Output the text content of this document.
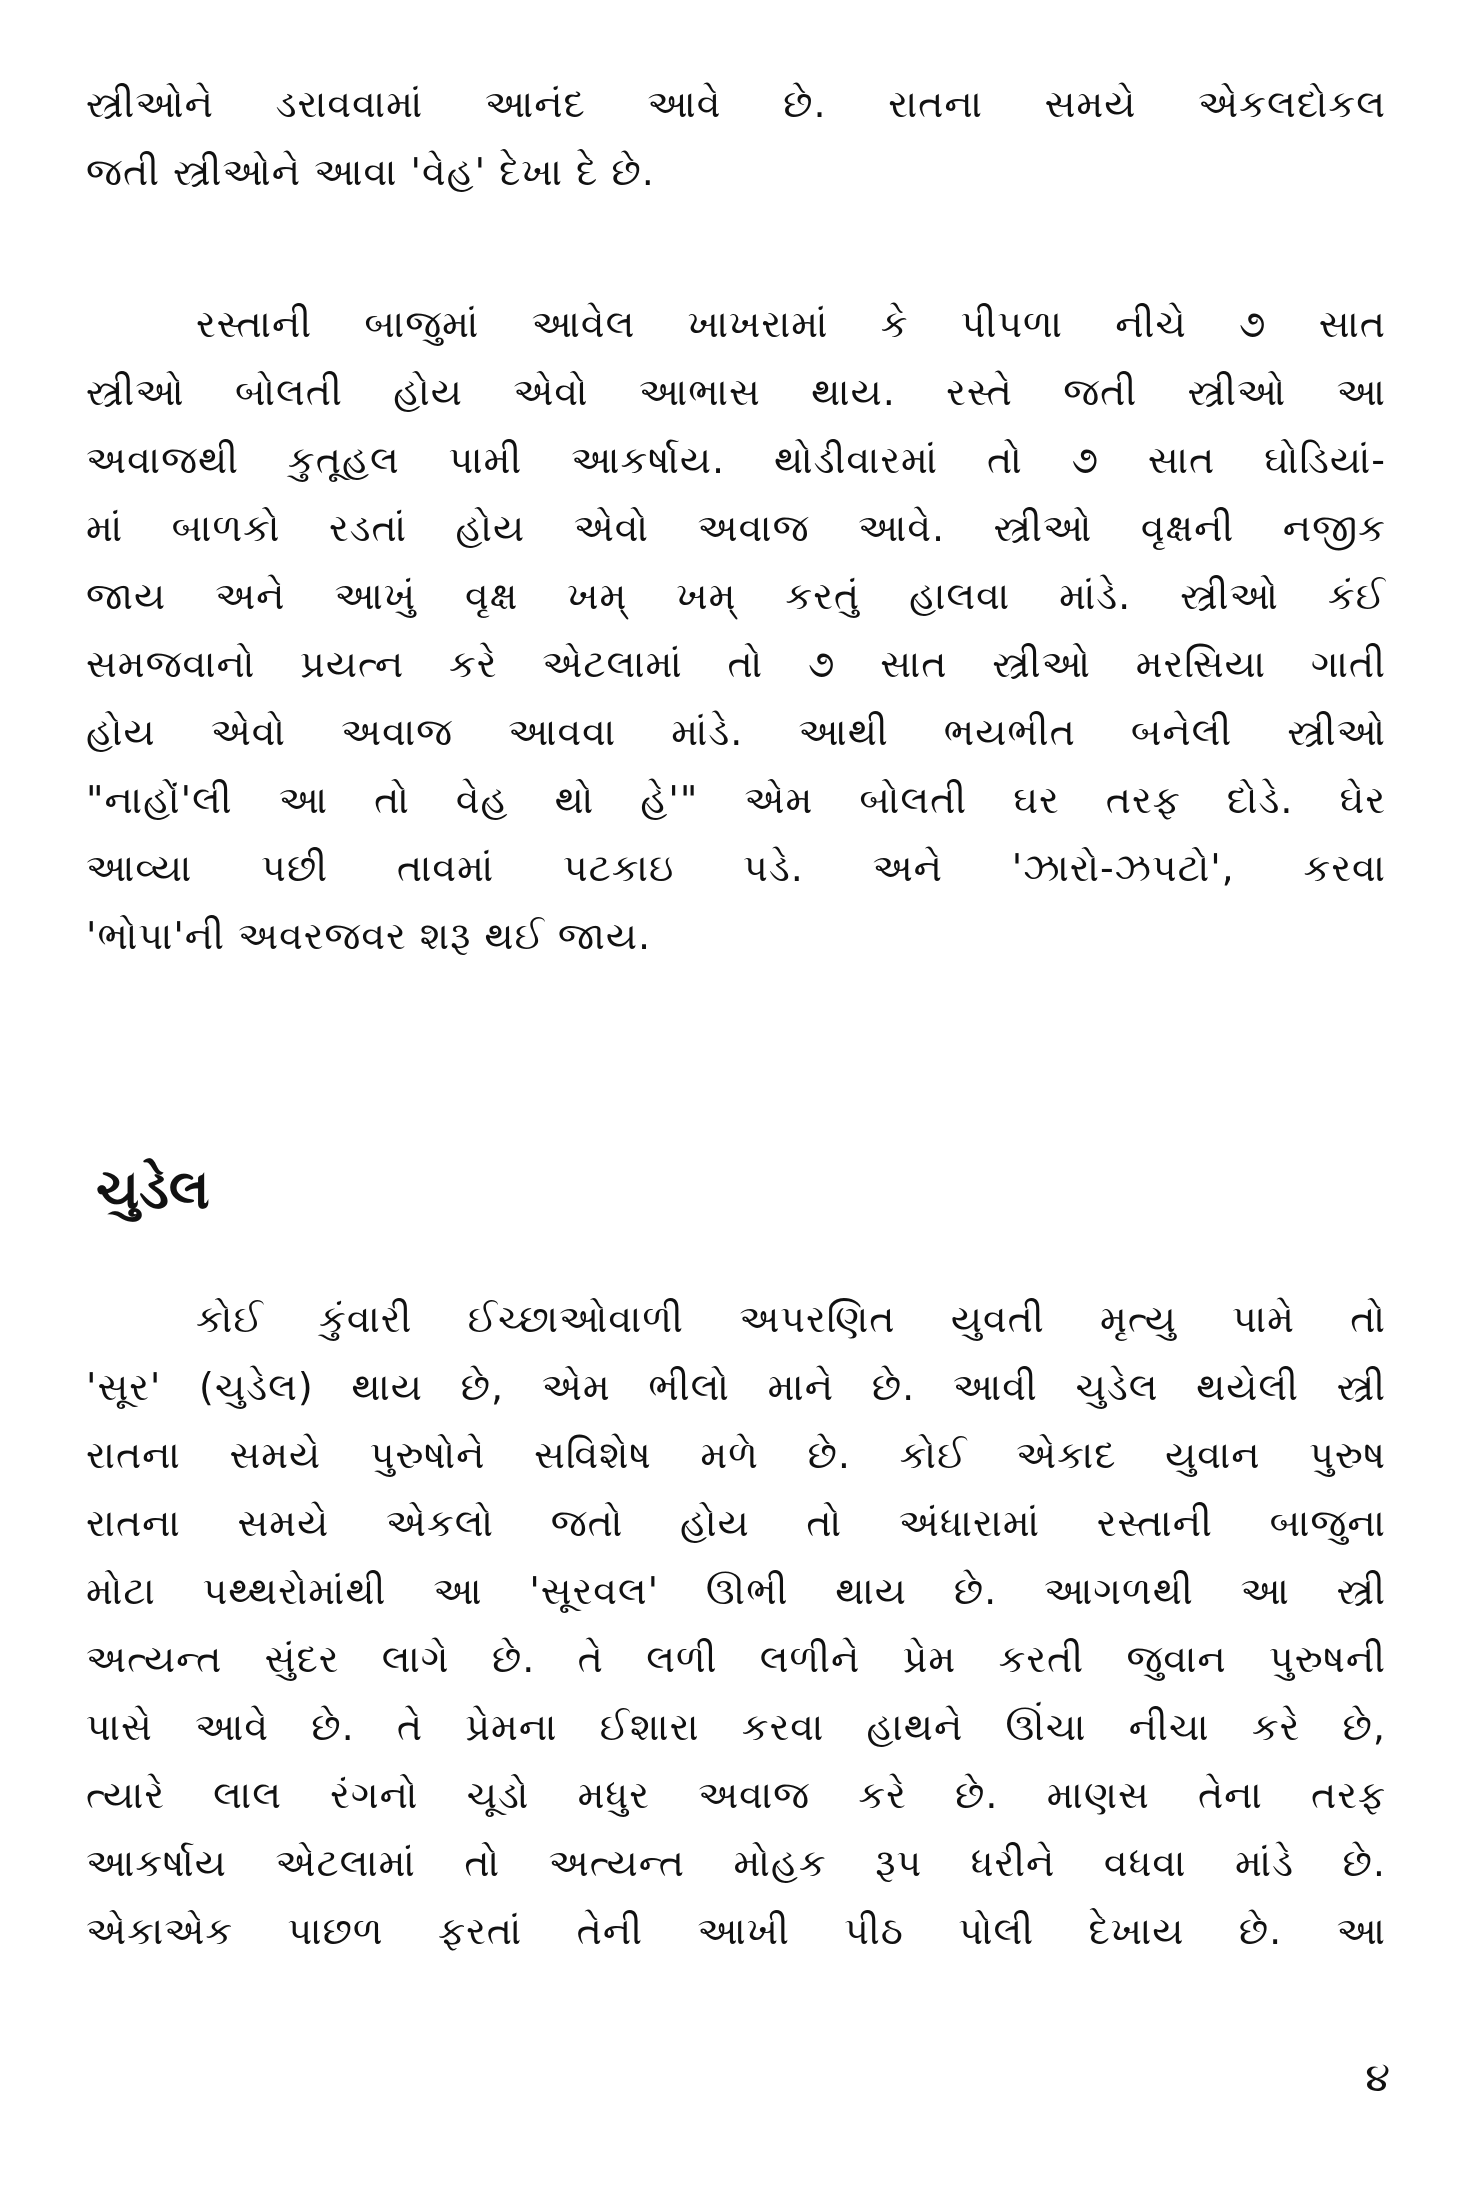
સ્ત્રીઓને ડરાવવામાં આનંદ આવે છે. રાતના સમયે એકલદોકલ
જતી સ્ત્રીઓને આવા 'વેહ' દેખા દે છે.
રસ્તાની બાજુમાં આવેલ ખાખરામાં કે પીપળા નીચે ૭ સાત
સ્ત્રીઓ બોલતી હોય એવો આભાસ થાય. રસ્તે જતી સ્ત્રીઓ આ
અવાજથી કુતૂહલ પામી આકર્ષાય. થોડીવારમાં તો ૭ સાત ઘોડિયાં-
માં બાળકો રડતાં હોય એવો અવાજ આવે. સ્ત્રીઓ વૃક્ષની નજીક
જાય અને આખું વૃક્ષ ખમ્ ખમ્ કરતું હાલવા માંડે. સ્ત્રીઓ કંઈ
સમજવાનો પ્રયત્ન કરે એટલામાં તો ૭ સાત સ્ત્રીઓ મરસિયા ગાતી
હોય એવો અવાજ આવવા માંડે. આથી ભયભીત બનેલી સ્ત્રીઓ
"નાહોં'લી આ તો વેહ થો હે'" એમ બોલતી ઘર તરફ દોડે. ઘેર
આવ્યા પછી તાવમાં પટકાઇ પડે. અને 'ઝારો-ઝપટો', કરવા
'ભોપા'ની અવરજવર શરૂ થઈ જાય.
ચુડેલ
કોઈ કુંવારી ઈચ્છાઓવાળી અપરણિત યુવતી મૃત્યુ પામે તો
'સૂર' (ચુડેલ) થાય છે, એમ ભીલો માને છે. આવી ચુડેલ થયેલી સ્ત્રી
રાતના સમયે પુરુષોને સવિશેષ મળે છે. કોઈ એકાદ યુવાન પુરુષ
રાતના સમયે એકલો જતો હોય તો અંધારામાં રસ્તાની બાજુના
મોટા પથ્થરોમાંથી આ 'સૂરવલ' ઊભી થાય છે. આગળથી આ સ્ત્રી
અત્યન્ત સુંદર લાગે છે. તે લળી લળીને પ્રેમ કરતી જુવાન પુરુષની
પાસે આવે છે. તે પ્રેમના ઈશારા કરવા હાથને ઊંચા નીચા કરે છે,
ત્યારે લાલ રંગનો ચૂડો મધુર અવાજ કરે છે. માણસ તેના તરફ
આકર્ષાય એટલામાં તો અત્યન્ત મોહક રૂપ ધરીને વધવા માંડે છે.
એકાએક પાછળ ફરતાં તેની આખી પીઠ પોલી દેખાય છે. આ
૪
